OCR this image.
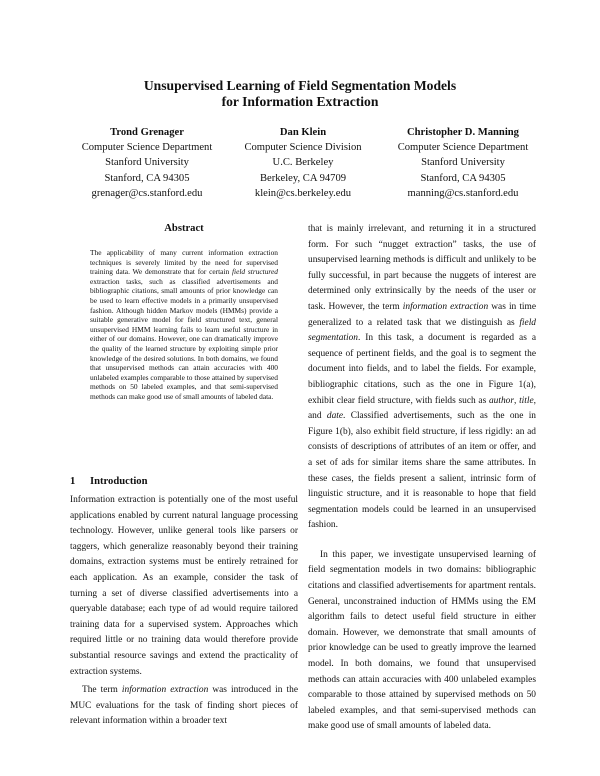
Unsupervised Learning of Field Segmentation Models
for Information Extraction
Trond Grenager
Computer Science Department
Stanford University
Stanford, CA 94305
grenager@cs.stanford.edu
Dan Klein
Computer Science Division
U.C. Berkeley
Berkeley, CA 94709
klein@cs.berkeley.edu
Christopher D. Manning
Computer Science Department
Stanford University
Stanford, CA 94305
manning@cs.stanford.edu
Abstract

The applicability of many current information extraction techniques is severely limited by the need for supervised training data. We demonstrate that for certain field structured extraction tasks, such as classified advertisements and bibliographic citations, small amounts of prior knowledge can be used to learn effective models in a primarily unsupervised fashion. Although hidden Markov models (HMMs) provide a suitable generative model for field structured text, general unsupervised HMM learning fails to learn useful structure in either of our domains. However, one can dramatically improve the quality of the learned structure by exploiting simple prior knowledge of the desired solutions. In both domains, we found that unsupervised methods can attain accuracies with 400 unlabeled examples comparable to those attained by supervised methods on 50 labeled examples, and that semi-supervised methods can make good use of small amounts of labeled data.

1 Introduction

Information extraction is potentially one of the most useful applications enabled by current natural language processing technology. However, unlike general tools like parsers or taggers, which generalize reasonably beyond their training domains, extraction systems must be entirely retrained for each application. As an example, consider the task of turning a set of diverse classified advertisements into a queryable database; each type of ad would require tailored training data for a supervised system. Approaches which required little or no training data would therefore provide substantial resource savings and extend the practicality of extraction systems.

The term information extraction was introduced in the MUC evaluations for the task of finding short pieces of relevant information within a broader text

that is mainly irrelevant, and returning it in a structured form. For such “nugget extraction” tasks, the use of unsupervised learning methods is difficult and unlikely to be fully successful, in part because the nuggets of interest are determined only extrinsically by the needs of the user or task. However, the term information extraction was in time generalized to a related task that we distinguish as field segmentation. In this task, a document is regarded as a sequence of pertinent fields, and the goal is to segment the document into fields, and to label the fields. For example, bibliographic citations, such as the one in Figure 1(a), exhibit clear field structure, with fields such as author, title, and date. Classified advertisements, such as the one in Figure 1(b), also exhibit field structure, if less rigidly: an ad consists of descriptions of attributes of an item or offer, and a set of ads for similar items share the same attributes. In these cases, the fields present a salient, intrinsic form of linguistic structure, and it is reasonable to hope that field segmentation models could be learned in an unsupervised fashion.

In this paper, we investigate unsupervised learning of field segmentation models in two domains: bibliographic citations and classified advertisements for apartment rentals. General, unconstrained induction of HMMs using the EM algorithm fails to detect useful field structure in either domain. However, we demonstrate that small amounts of prior knowledge can be used to greatly improve the learned model. In both domains, we found that unsupervised methods can attain accuracies with 400 unlabeled examples comparable to those attained by supervised methods on 50 labeled examples, and that semi-supervised methods can make good use of small amounts of labeled data.
